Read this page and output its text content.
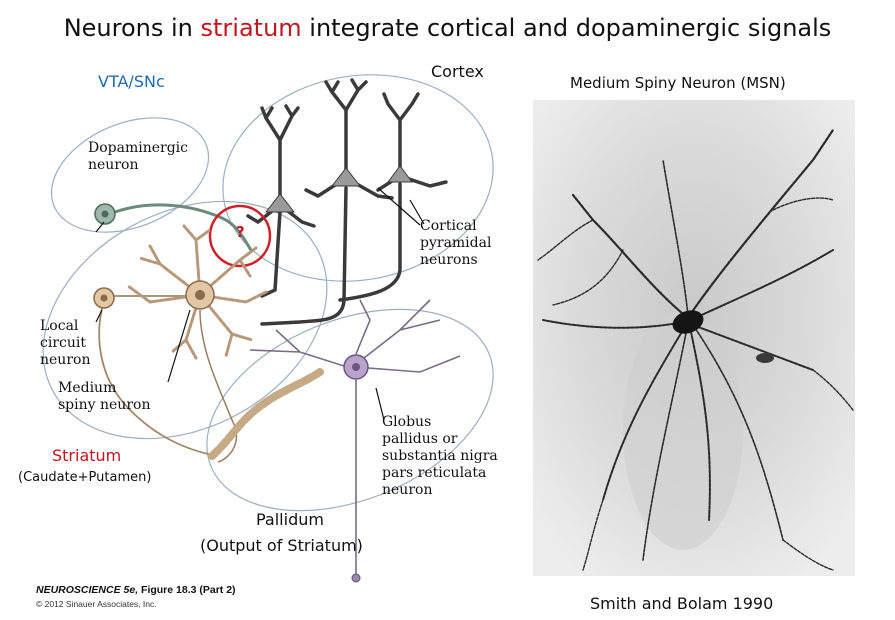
Neurons in striatum integrate cortical and dopaminergic signals
VTA/SNc
Cortex
Dopaminergic
neuron
Cortical
pyramidal
neurons
Local
circuit
neuron
Medium
spiny neuron
Striatum
(Caudate+Putamen)
Globus
pallidus or
substantia nigra
pars reticulata
neuron
Pallidum
(Output of Striatum)
?
Medium Spiny Neuron (MSN)
Smith and Bolam 1990
NEUROSCIENCE 5e, Figure 18.3 (Part 2)
© 2012 Sinauer Associates, Inc.
